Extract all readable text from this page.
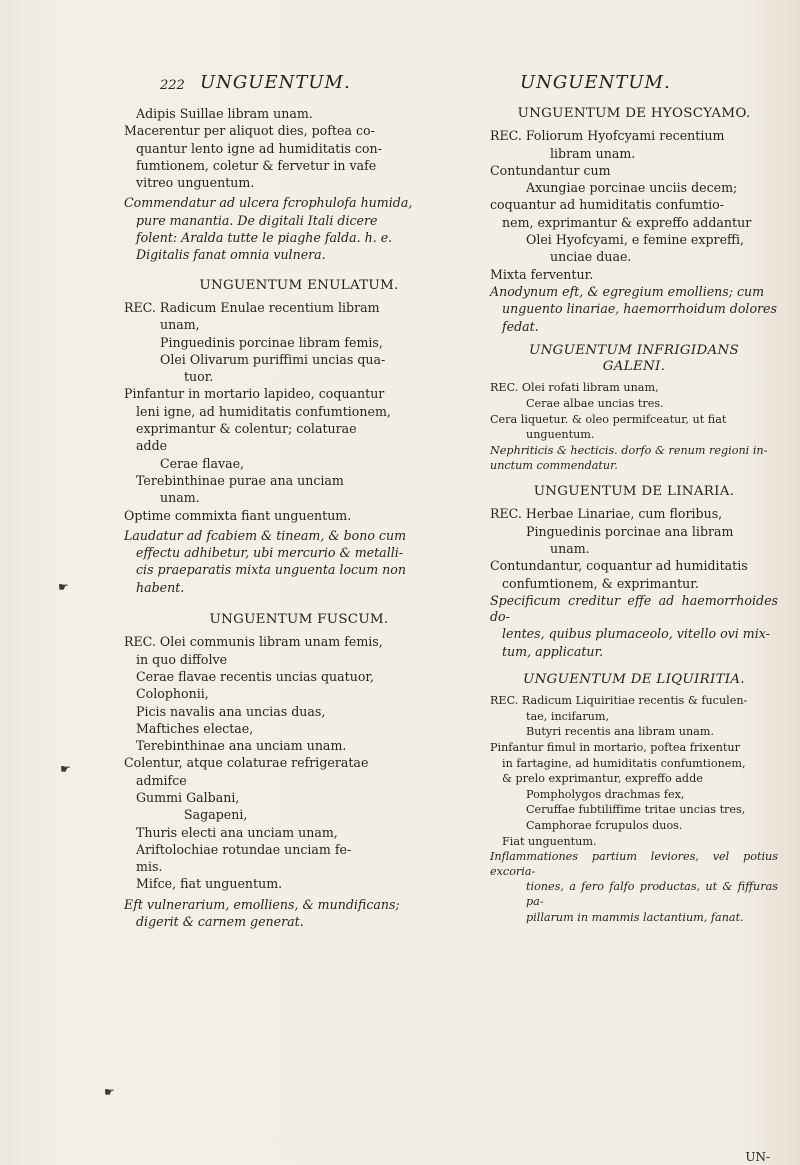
222 UNGUENTUM.	UNGUENTUM.

Adipis Suillae libram unam.

Macerentur per aliquot dies, poftea co-

quantur lento igne ad humiditatis con-

fumtionem, coletur & fervetur in vafe

vitreo unguentum.

Commendatur ad ulcera fcrophulofa humida,

pure manantia. De digitali Itali dicere

folent: Aralda tutte le piaghe falda. h. e.

Digitalis fanat omnia vulnera.

UNGUENTUM ENULATUM.

REC. Radicum Enulae recentium libram

unam,

Pinguedinis porcinae libram femis,

Olei Olivarum puriffimi uncias qua-

tuor.

Pinfantur in mortario lapideo, coquantur

leni igne, ad humiditatis confumtionem,

exprimantur & colentur; colaturae

adde

Cerae flavae,

Terebinthinae purae ana unciam

unam.

Optime commixta fiant unguentum.

Laudatur ad fcabiem & tineam, & bono cum

effectu adhibetur, ubi mercurio & metalli-

cis praeparatis mixta unguenta locum non

habent.

UNGUENTUM FUSCUM.

REC. Olei communis libram unam femis,

in quo diffolve

Cerae flavae recentis uncias quatuor,

Colophonii,

Picis navalis ana uncias duas,

Maftiches electae,

Terebinthinae ana unciam unam.

Colentur, atque colaturae refrigeratae

admifce

Gummi Galbani,

Sagapeni,

Thuris electi ana unciam unam,

Ariftolochiae rotundae unciam fe-

mis.

Mifce, fiat unguentum.

Eft vulnerarium, emolliens, & mundificans;

digerit & carnem generat.

UNGUENTUM DE HYOSCYAMO.

REC. Foliorum Hyofcyami recentium

libram unam.

Contundantur cum

Axungiae porcinae unciis decem;

coquantur ad humiditatis confumtio-

nem, exprimantur & expreffo addantur

Olei Hyofcyami, e femine expreffi,

unciae duae.

Mixta ferventur.

Anodynum eft, & egregium emolliens; cum

unguento linariae, haemorrhoidum dolores

fedat.

UNGUENTUM INFRIGIDANS
GALENI.

REC. Olei rofati libram unam,

Cerae albae uncias tres.

Cera liquetur. & oleo permifceatur, ut fiat

unguentum.

Nephriticis & hecticis. dorfo & renum regioni in-

unctum commendatur.

UNGUENTUM DE LINARIA.

REC. Herbae Linariae, cum floribus,

Pinguedinis porcinae ana libram

unam.

Contundantur, coquantur ad humiditatis

confumtionem, & exprimantur.

Specificum creditur effe ad haemorrhoides do-

lentes, quibus plumaceolo, vitello ovi mix-

tum, applicatur.

UNGUENTUM DE LIQUIRITIA.

REC. Radicum Liquiritiae recentis & fuculen-

tae, incifarum,

Butyri recentis ana libram unam.

Pinfantur fimul in mortario, poftea frixentur

in fartagine, ad humiditatis confumtionem,

& prelo exprimantur, expreffo adde

Pompholygos drachmas fex,

Ceruffae fubtiliffime tritae uncias tres,

Camphorae fcrupulos duos.

Fiat unguentum.

Inflammationes partium leviores, vel potius excoria-

tiones, a fero falfo productas, ut & fiffuras pa-

pillarum in mammis lactantium, fanat.

UN-
☛
☛
☛
